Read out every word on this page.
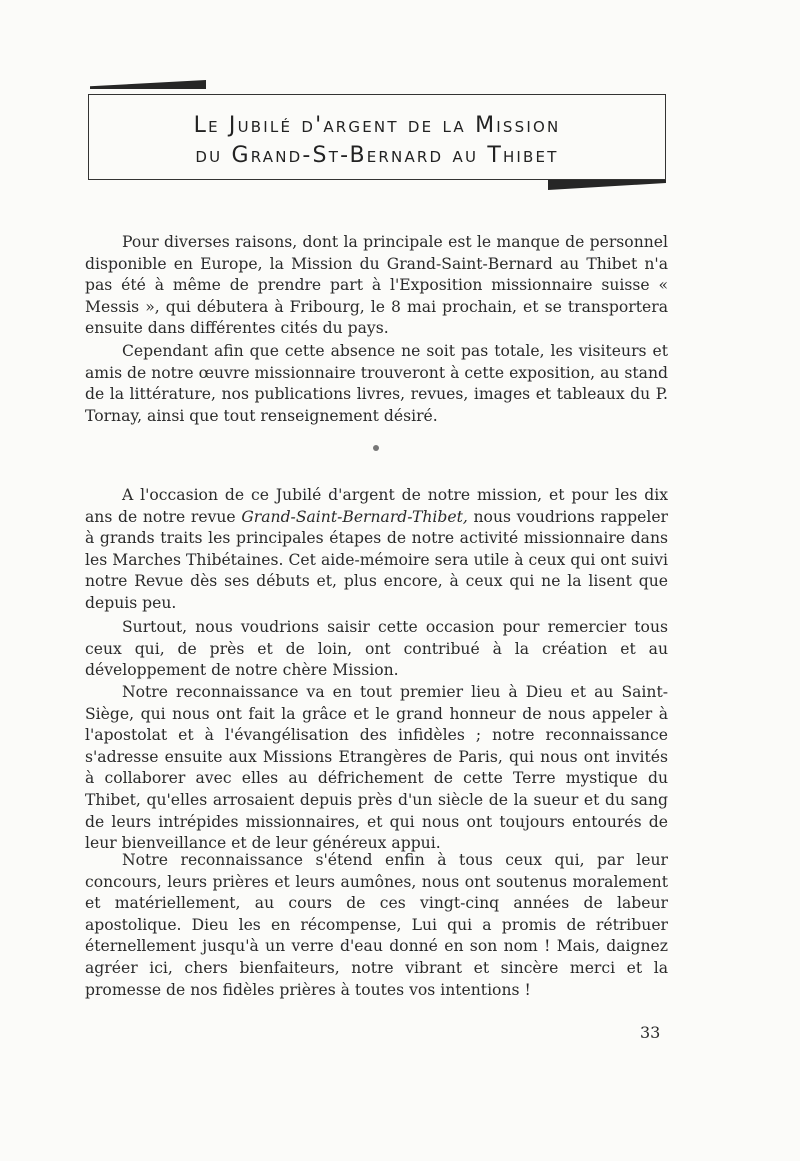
Le Jubilé d'argent de la Mission
du Grand-St-Bernard au Thibet

Pour diverses raisons, dont la principale est le manque de personnel disponible en Europe, la Mission du Grand-Saint-Bernard au Thibet n'a pas été à même de prendre part à l'Exposition missionnaire suisse « Messis », qui débutera à Fribourg, le 8 mai prochain, et se transportera ensuite dans différentes cités du pays.

Cependant afin que cette absence ne soit pas totale, les visiteurs et amis de notre œuvre missionnaire trouveront à cette exposition, au stand de la littérature, nos publications livres, revues, images et tableaux du P. Tornay, ainsi que tout renseignement désiré.

A l'occasion de ce Jubilé d'argent de notre mission, et pour les dix ans de notre revue Grand-Saint-Bernard-Thibet, nous voudrions rappeler à grands traits les principales étapes de notre activité missionnaire dans les Marches Thibétaines. Cet aide-mémoire sera utile à ceux qui ont suivi notre Revue dès ses débuts et, plus encore, à ceux qui ne la lisent que depuis peu.

Surtout, nous voudrions saisir cette occasion pour remercier tous ceux qui, de près et de loin, ont contribué à la création et au développement de notre chère Mission.

Notre reconnaissance va en tout premier lieu à Dieu et au Saint-Siège, qui nous ont fait la grâce et le grand honneur de nous appeler à l'apostolat et à l'évangélisation des infidèles ; notre reconnaissance s'adresse ensuite aux Missions Etrangères de Paris, qui nous ont invités à collaborer avec elles au défrichement de cette Terre mystique du Thibet, qu'elles arrosaient depuis près d'un siècle de la sueur et du sang de leurs intrépides missionnaires, et qui nous ont toujours entourés de leur bienveillance et de leur généreux appui.

Notre reconnaissance s'étend enfin à tous ceux qui, par leur concours, leurs prières et leurs aumônes, nous ont soutenus moralement et matériellement, au cours de ces vingt-cinq années de labeur apostolique. Dieu les en récompense, Lui qui a promis de rétribuer éternellement jusqu'à un verre d'eau donné en son nom ! Mais, daignez agréer ici, chers bienfaiteurs, notre vibrant et sincère merci et la promesse de nos fidèles prières à toutes vos intentions !

33
